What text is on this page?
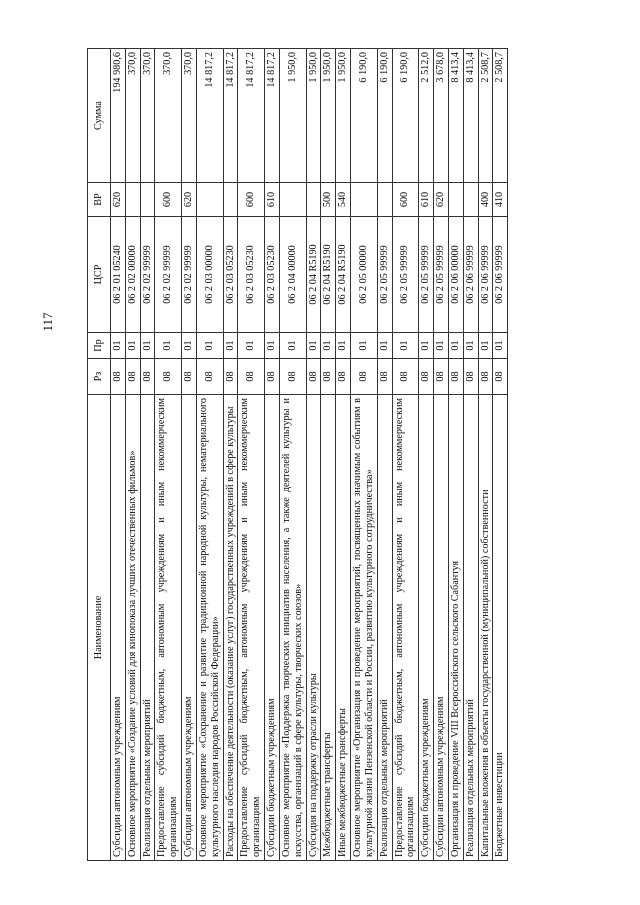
117
Наименование	Рз	Пр	ЦСР	ВР	Сумма
Субсидии автономным учреждениям	08	01	06 2 01 05240	620	194 980,6
Основное мероприятие «Создание условий для кинопоказа лучших отечественных фильмов»	08	01	06 2 02 00000		370,0
Реализация отдельных мероприятий	08	01	06 2 02 99999		370,0
Предоставление субсидий бюджетным, автономным учреждениям и иным некоммерческим организациям	08	01	06 2 02 99999	600	370,0
Субсидии автономным учреждениям	08	01	06 2 02 99999	620	370,0
Основное мероприятие «Сохранение и развитие традиционной народной культуры, нематериального культурного наследия народов Российской Федерации»	08	01	06 2 03 00000		14 817,2
Расходы на обеспечение деятельности (оказание услуг) государственных учреждений в сфере культуры	08	01	06 2 03 05230		14 817,2
Предоставление субсидий бюджетным, автономным учреждениям и иным некоммерческим организациям	08	01	06 2 03 05230	600	14 817,2
Субсидии бюджетным учреждениям	08	01	06 2 03 05230	610	14 817,2
Основное мероприятие «Поддержка творческих инициатив населения, а также деятелей культуры и искусства, организаций в сфере культуры, творческих союзов»	08	01	06 2 04 00000		1 950,0
Субсидия на поддержку отрасли культуры	08	01	06 2 04 R5190		1 950,0
Межбюджетные трансферты	08	01	06 2 04 R5190	500	1 950,0
Иные межбюджетные трансферты	08	01	06 2 04 R5190	540	1 950,0
Основное мероприятие «Организация и проведение мероприятий, посвященных значимым событиям в культурной жизни Пензенской области и России, развитию культурного сотрудничества»	08	01	06 2 05 00000		6 190,0
Реализация отдельных мероприятий	08	01	06 2 05 99999		6 190,0
Предоставление субсидий бюджетным, автономным учреждениям и иным некоммерческим организациям	08	01	06 2 05 99999	600	6 190,0
Субсидии бюджетным учреждениям	08	01	06 2 05 99999	610	2 512,0
Субсидии автономным учреждениям	08	01	06 2 05 99999	620	3 678,0
Организация и проведение VIII Всероссийского сельского Сабантуя	08	01	06 2 06 00000		8 413,4
Реализация отдельных мероприятий	08	01	06 2 06 99999		8 413,4
Капитальные вложения в объекты государственной (муниципальной) собственности	08	01	06 2 06 99999	400	2 508,7
Бюджетные инвестиции	08	01	06 2 06 99999	410	2 508,7
